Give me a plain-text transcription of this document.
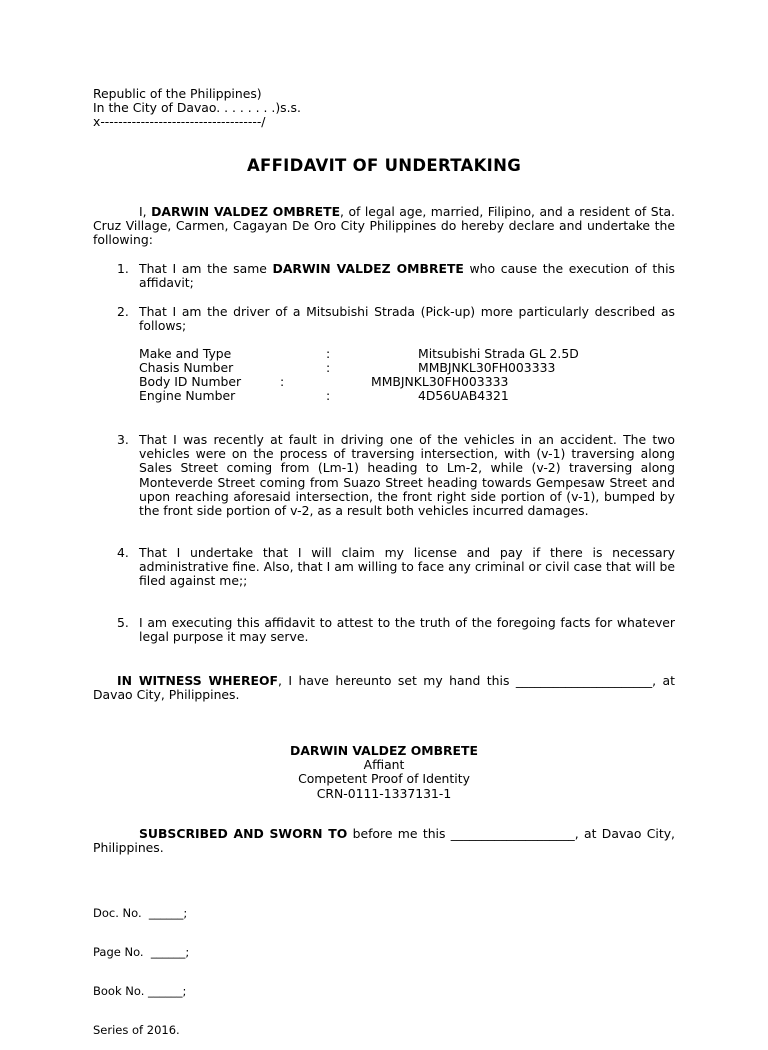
Republic of the Philippines)
In the City of Davao. . . . . . . .)s.s.
x------------------------------------/
AFFIDAVIT OF UNDERTAKING
I, DARWIN VALDEZ OMBRETE, of legal age, married, Filipino, and a resident of Sta. Cruz Village, Carmen, Cagayan De Oro City Philippines do hereby declare and undertake the following:
1. That I am the same DARWIN VALDEZ OMBRETE who cause the execution of this affidavit;
2. That I am the driver of a Mitsubishi Strada (Pick-up) more particularly described as follows;
Make and Type	:	Mitsubishi Strada GL 2.5D
Chasis Number	:	MMBJNKL30FH003333
Body ID Number	:	MMBJNKL30FH003333
Engine Number	:	4D56UAB4321
3. That I was recently at fault in driving one of the vehicles in an accident. The two vehicles were on the process of traversing intersection, with (v-1) traversing along Sales Street coming from (Lm-1) heading to Lm-2, while (v-2) traversing along Monteverde Street coming from Suazo Street heading towards Gempesaw Street and upon reaching aforesaid intersection, the front right side portion of (v-1), bumped by the front side portion of v-2, as a result both vehicles incurred damages.
4. That I undertake that I will claim my license and pay if there is necessary administrative fine. Also, that I am willing to face any criminal or civil case that will be filed against me;;
5. I am executing this affidavit to attest to the truth of the foregoing facts for whatever legal purpose it may serve.
IN WITNESS WHEREOF, I have hereunto set my hand this ______________________, at Davao City, Philippines.
DARWIN VALDEZ OMBRETE
Affiant
Competent Proof of Identity
CRN-0111-1337131-1
SUBSCRIBED AND SWORN TO before me this ____________________, at Davao City, Philippines.

Doc. No.  ______;

Page No.  ______;

Book No. ______;

Series of 2016.
